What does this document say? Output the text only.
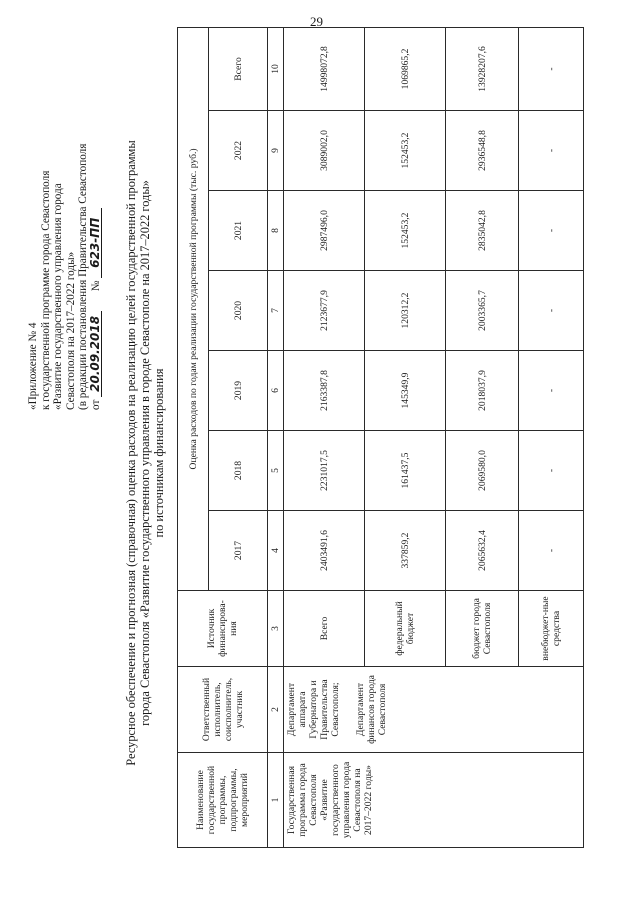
29
«Приложение № 4 к государственной программе города Севастополя «Развитие государственного управления города Севастополя на 2017–2022 годы» (в редакции постановления Правительства Севастополя от 20.09.2018       № 623-ПП Ресурсное обеспечение и прогнозная (справочная) оценка расходов на реализацию целей государственной программы города Севастополя «Развитие государственного управления в городе Севастополе на 2017–2022 годы» по источникам финансирования
Наименование государственной программы, подпрограммы, мероприятий	Ответственный исполнитель, соисполнитель, участник	Источник финансирова-ния	Оценка расходов по годам реализации государственной программы (тыс. руб.)						
			2017	2018	2019	2020	2021	2022	Всего
1	2	3	4	5	6	7	8	9	10
Государственная программа города Севастополя «Развитие государственного управления города Севастополя на 2017–2022 годы»	Департамент аппарата Губернатора и Правительства Севастополя; Департамент финансов города Севастополя	Всего	2403491,6	2231017,5	2163387,8	2123677,9	2987496,0	3089002,0	14998072,8
		федеральный бюджет	337859,2	161437,5	145349,9	120312,2	152453,2	152453,2	1069865,2
		бюджет города Севастополя	2065632,4	2069580,0	2018037,9	2003365,7	2835042,8	2936548,8	13928207,6
		внебюджет-ные средства	-	-	-	-	-	-	-
